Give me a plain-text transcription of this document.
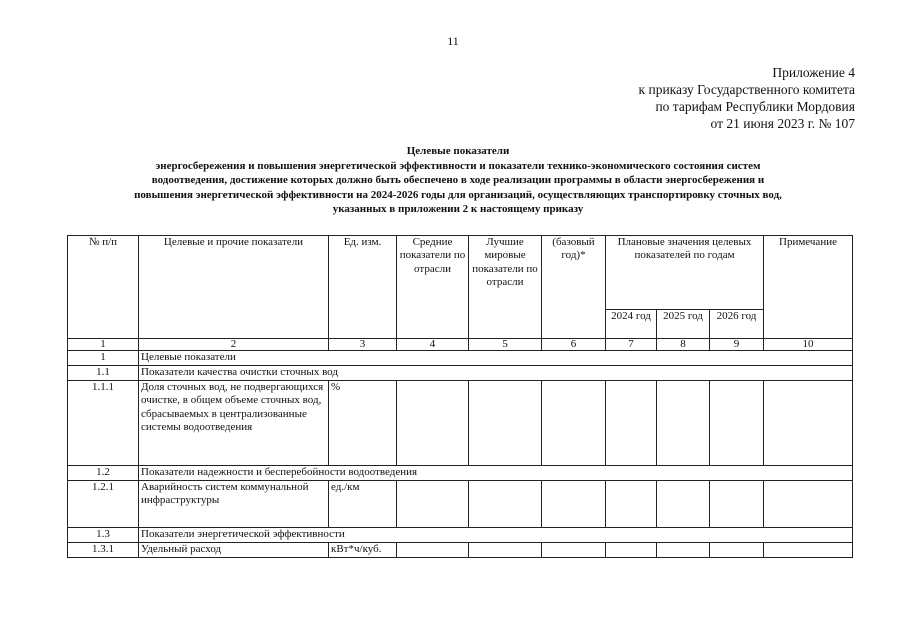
11
Приложение 4
к приказу Государственного комитета
по тарифам Республики Мордовия
от 21 июня 2023 г. № 107
Целевые показатели
энергосбережения и повышения энергетической эффективности и показатели технико-экономического состояния систем
водоотведения, достижение которых должно быть обеспечено в ходе реализации программы в области энергосбережения и
повышения энергетической эффективности на 2024-2026 годы для организаций, осуществляющих транспортировку сточных вод,
указанных в приложении 2 к настоящему приказу
№ п/п	Целевые и прочие показатели	Ед. изм.	Средние показатели по отрасли	Лучшие мировые показатели по отрасли	(базовый год)*	Плановые значения целевых показателей по годам			Примечание
						2024 год	2025 год	2026 год	
1	2	3	4	5	6	7	8	9	10
1	Целевые показатели								
1.1	Показатели качества очистки сточных вод								
1.1.1	Доля сточных вод, не подвергающихся очистке, в общем объеме сточных вод, сбрасываемых в централизованные системы водоотведения	%							
1.2	Показатели надежности и бесперебойности водоотведения								
1.2.1	Аварийность систем коммунальной инфраструктуры	ед./км							
1.3	Показатели энергетической эффективности								
1.3.1	Удельный расход	кВт*ч/куб.							
